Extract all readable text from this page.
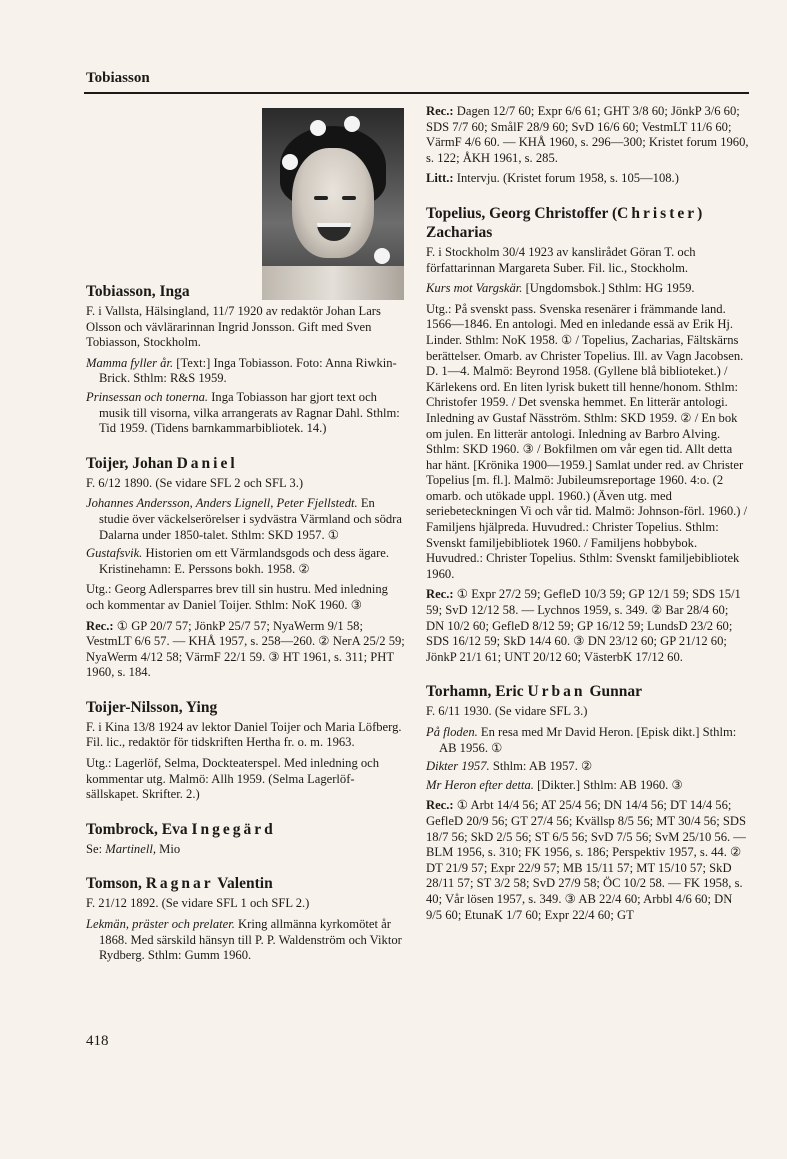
Tobiasson

Tobiasson, Inga

F. i Vallsta, Hälsingland, 11/7 1920 av redaktör Johan Lars Olsson och vävlärarinnan Ingrid Jonsson. Gift med Sven Tobiasson, Stockholm.

Mamma fyller år. [Text:] Inga Tobiasson. Foto: Anna Riwkin-Brick. Sthlm: R&S 1959.

Prinsessan och tonerna. Inga Tobiasson har gjort text och musik till visorna, vilka arrangerats av Ragnar Dahl. Sthlm: Tid 1959. (Tidens barnkammarbibliotek. 14.)

Toijer, Johan Daniel

F. 6/12 1890. (Se vidare SFL 2 och SFL 3.)

Johannes Andersson, Anders Lignell, Peter Fjellstedt. En studie över väckelserörelser i sydvästra Värmland och södra Dalarna under 1850-talet. Sthlm: SKD 1957. ①

Gustafsvik. Historien om ett Värmlandsgods och dess ägare. Kristinehamn: E. Perssons bokh. 1958. ②

Utg.: Georg Adlersparres brev till sin hustru. Med inledning och kommentar av Daniel Toijer. Sthlm: NoK 1960. ③

Rec.: ① GP 20/7 57; JönkP 25/7 57; NyaWerm 9/1 58; VestmLT 6/6 57. — KHÅ 1957, s. 258—260. ② NerA 25/2 59; NyaWerm 4/12 58; VärmF 22/1 59. ③ HT 1961, s. 311; PHT 1960, s. 184.

Toijer-Nilsson, Ying

F. i Kina 13/8 1924 av lektor Daniel Toijer och Maria Löfberg. Fil. lic., redaktör för tidskriften Hertha fr. o. m. 1963.

Utg.: Lagerlöf, Selma, Dockteaterspel. Med inledning och kommentar utg. Malmö: Allh 1959. (Selma Lagerlöf-sällskapet. Skrifter. 2.)

Tombrock, Eva Ingegärd

Se: Martinell, Mio

Tomson, Ragnar Valentin

F. 21/12 1892. (Se vidare SFL 1 och SFL 2.)

Lekmän, präster och prelater. Kring allmänna kyrkomötet år 1868. Med särskild hänsyn till P. P. Waldenström och Viktor Rydberg. Sthlm: Gumm 1960.

Rec.: Dagen 12/7 60; Expr 6/6 61; GHT 3/8 60; JönkP 3/6 60; SDS 7/7 60; SmålF 28/9 60; SvD 16/6 60; VestmLT 11/6 60; VärmF 4/6 60. — KHÅ 1960, s. 296—300; Kristet forum 1960, s. 122; ÅKH 1961, s. 285.

Litt.: Intervju. (Kristet forum 1958, s. 105—108.)

Topelius, Georg Christoffer (Christer) Zacharias

F. i Stockholm 30/4 1923 av kanslirådet Göran T. och författarinnan Margareta Suber. Fil. lic., Stockholm.

Kurs mot Vargskär. [Ungdomsbok.] Sthlm: HG 1959.

Utg.: På svenskt pass. Svenska resenärer i främmande land. 1566—1846. En antologi. Med en inledande essä av Erik Hj. Linder. Sthlm: NoK 1958. ① / Topelius, Zacharias, Fältskärns berättelser. Omarb. av Christer Topelius. Ill. av Vagn Jacobsen. D. 1—4. Malmö: Beyrond 1958. (Gyllene blå biblioteket.) / Kärlekens ord. En liten lyrisk bukett till henne/honom. Sthlm: Christofer 1959. / Det svenska hemmet. En litterär antologi. Inledning av Gustaf Näsström. Sthlm: SKD 1959. ② / En bok om julen. En litterär antologi. Inledning av Barbro Alving. Sthlm: SKD 1960. ③ / Bokfilmen om vår egen tid. Allt detta har hänt. [Krönika 1900—1959.] Samlat under red. av Christer Topelius [m. fl.]. Malmö: Jubileumsreportage 1960. 4:o. (2 omarb. och utökade uppl. 1960.) (Även utg. med seriebeteckningen Vi och vår tid. Malmö: Johnson-förl. 1960.) / Familjens hjälpreda. Huvudred.: Christer Topelius. Sthlm: Svenskt familjebibliotek 1960. / Familjens hobbybok. Huvudred.: Christer Topelius. Sthlm: Svenskt familjebibliotek 1960.

Rec.: ① Expr 27/2 59; GefleD 10/3 59; GP 12/1 59; SDS 15/1 59; SvD 12/12 58. — Lychnos 1959, s. 349. ② Bar 28/4 60; DN 10/2 60; GefleD 8/12 59; GP 16/12 59; LundsD 23/2 60; SDS 16/12 59; SkD 14/4 60. ③ DN 23/12 60; GP 21/12 60; JönkP 21/1 61; UNT 20/12 60; VästerbK 17/12 60.

Torhamn, Eric Urban Gunnar

F. 6/11 1930. (Se vidare SFL 3.)

På floden. En resa med Mr David Heron. [Episk dikt.] Sthlm: AB 1956. ①

Dikter 1957. Sthlm: AB 1957. ②

Mr Heron efter detta. [Dikter.] Sthlm: AB 1960. ③

Rec.: ① Arbt 14/4 56; AT 25/4 56; DN 14/4 56; DT 14/4 56; GefleD 20/9 56; GT 27/4 56; Kvällsp 8/5 56; MT 30/4 56; SDS 18/7 56; SkD 2/5 56; ST 6/5 56; SvD 7/5 56; SvM 25/10 56. — BLM 1956, s. 310; FK 1956, s. 186; Perspektiv 1957, s. 44. ② DT 21/9 57; Expr 22/9 57; MB 15/11 57; MT 15/10 57; SkD 28/11 57; ST 3/2 58; SvD 27/9 58; ÖC 10/2 58. — FK 1958, s. 40; Vår lösen 1957, s. 349. ③ AB 22/4 60; Arbbl 4/6 60; DN 9/5 60; EtunaK 1/7 60; Expr 22/4 60; GT

418
